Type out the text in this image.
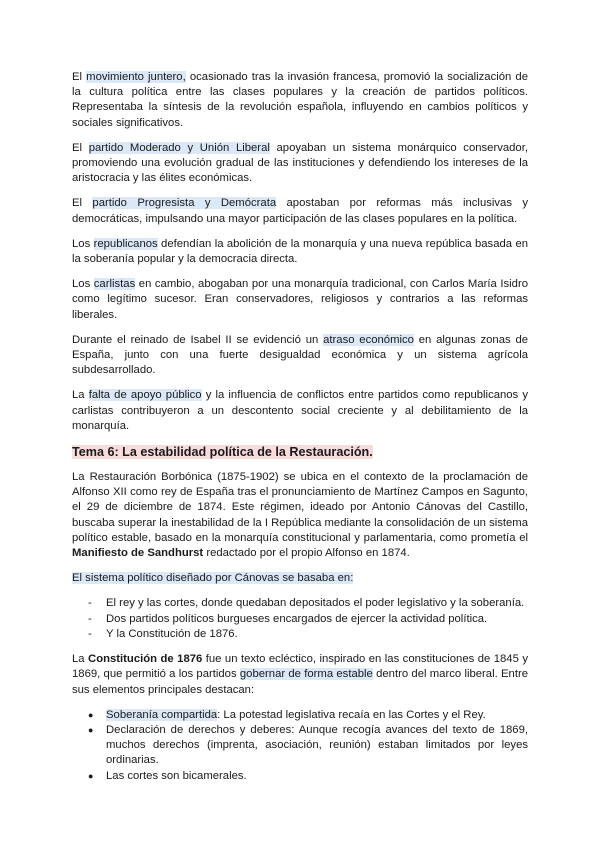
El movimiento juntero, ocasionado tras la invasión francesa, promovió la socialización de la cultura política entre las clases populares y la creación de partidos políticos. Representaba la síntesis de la revolución española, influyendo en cambios políticos y sociales significativos.

El partido Moderado y Unión Liberal apoyaban un sistema monárquico conservador, promoviendo una evolución gradual de las instituciones y defendiendo los intereses de la aristocracia y las élites económicas.

El partido Progresista y Demócrata apostaban por reformas más inclusivas y democráticas, impulsando una mayor participación de las clases populares en la política.

Los republicanos defendían la abolición de la monarquía y una nueva república basada en la soberanía popular y la democracia directa.

Los carlistas en cambio, abogaban por una monarquía tradicional, con Carlos María Isidro como legítimo sucesor. Eran conservadores, religiosos y contrarios a las reformas liberales.

Durante el reinado de Isabel II se evidenció un atraso económico en algunas zonas de España, junto con una fuerte desigualdad económica y un sistema agrícola subdesarrollado.

La falta de apoyo público y la influencia de conflictos entre partidos como republicanos y carlistas contribuyeron a un descontento social creciente y al debilitamiento de la monarquía.

Tema 6: La estabilidad política de la Restauración.

La Restauración Borbónica (1875-1902) se ubica en el contexto de la proclamación de Alfonso XII como rey de España tras el pronunciamiento de Martínez Campos en Sagunto, el 29 de diciembre de 1874. Este régimen, ideado por Antonio Cánovas del Castillo, buscaba superar la inestabilidad de la I República mediante la consolidación de un sistema político estable, basado en la monarquía constitucional y parlamentaria, como prometía el Manifiesto de Sandhurst redactado por el propio Alfonso en 1874.

El sistema político diseñado por Cánovas se basaba en:

- El rey y las cortes, donde quedaban depositados el poder legislativo y la soberanía.
- Dos partidos políticos burgueses encargados de ejercer la actividad política.
- Y la Constitución de 1876.

La Constitución de 1876 fue un texto ecléctico, inspirado en las constituciones de 1845 y 1869, que permitió a los partidos gobernar de forma estable dentro del marco liberal. Entre sus elementos principales destacan:

● Soberanía compartida: La potestad legislativa recaía en las Cortes y el Rey.
● Declaración de derechos y deberes: Aunque recogía avances del texto de 1869, muchos derechos (imprenta, asociación, reunión) estaban limitados por leyes ordinarias.
● Las cortes son bicamerales.
